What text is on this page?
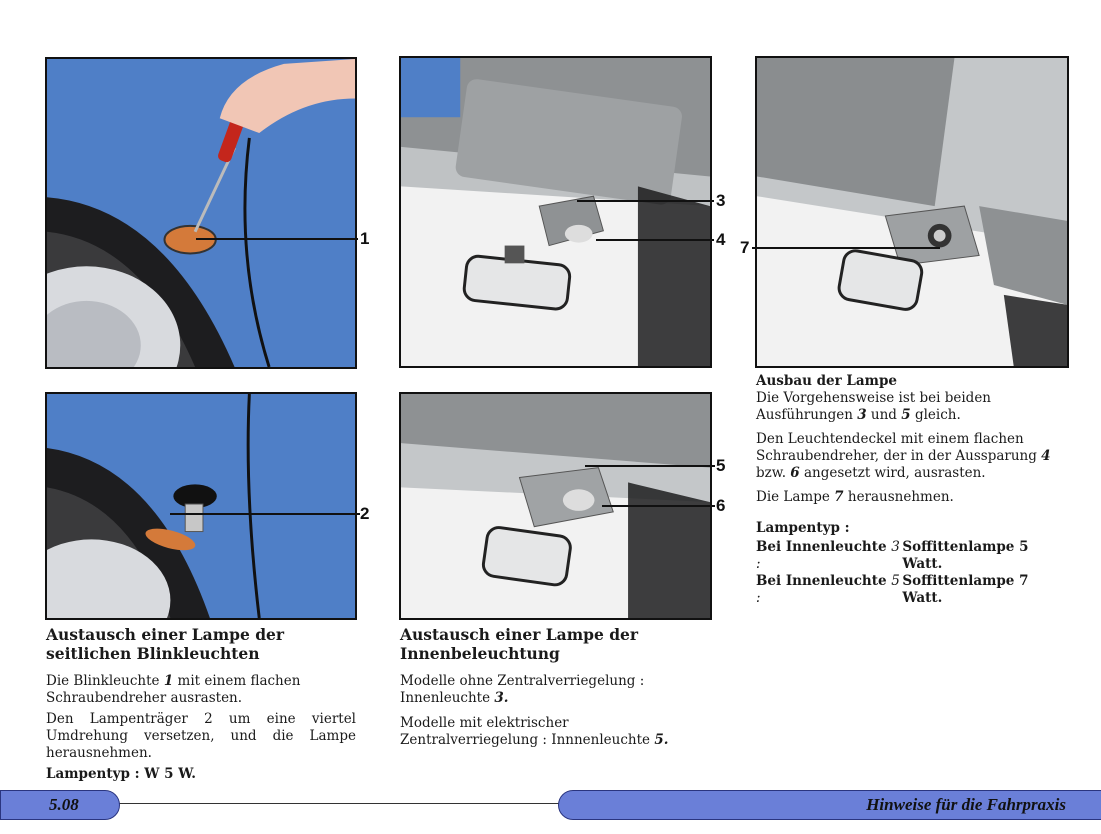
1
2
3
4
5
6
7
Austausch einer Lampe der seitlichen Blinkleuchten

Die Blinkleuchte 1 mit einem flachen Schraubendreher ausrasten.

Den Lampenträger 2 um eine viertel Umdrehung versetzen, und die Lampe herausnehmen.

Lampentyp : W 5 W.

Austausch einer Lampe der Innenbeleuchtung

Modelle ohne Zentralverriegelung : Innenleuchte 3.

Modelle mit elektrischer Zentralverriegelung : Innnenleuchte 5.

Ausbau der Lampe

Die Vorgehensweise ist bei beiden Ausführungen 3 und 5 gleich.

Den Leuchtendeckel mit einem flachen Schraubendreher, der in der Aussparung 4 bzw. 6 angesetzt wird, ausrasten.

Die Lampe 7 herausnehmen.

Lampentyp :

Bei Innenleuchte 3 :
Soffittenlampe 5 Watt.
Bei Innenleuchte 5 :
Soffittenlampe 7 Watt.
5.08	Hinweise für die Fahrpraxis
